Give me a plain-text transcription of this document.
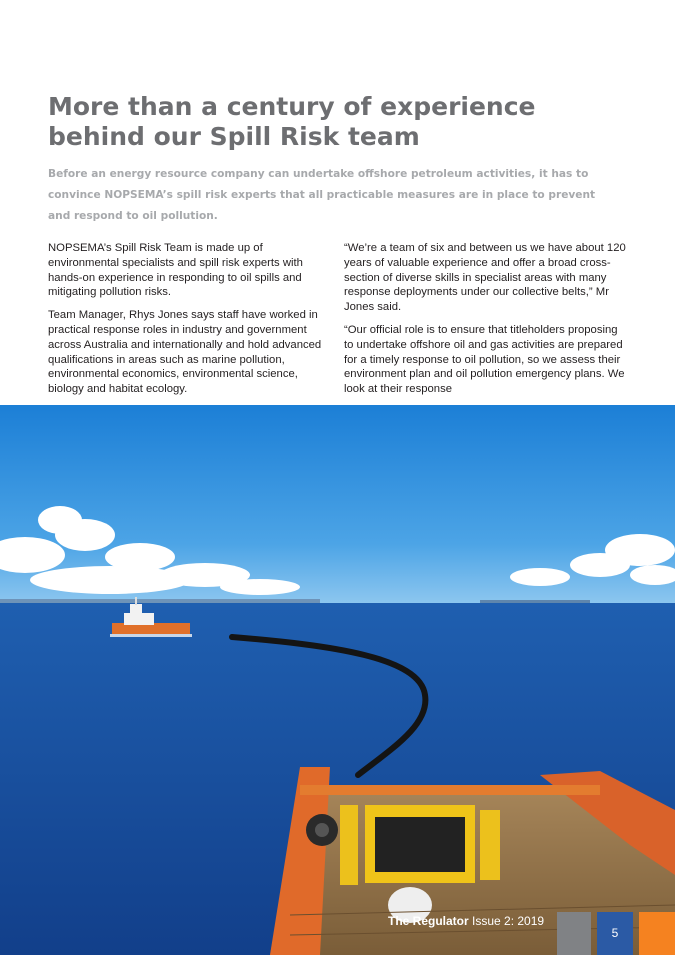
More than a century of experience
behind our Spill Risk team

Before an energy resource company can undertake offshore petroleum activities, it has to convince NOPSEMA’s spill risk experts that all practicable measures are in place to prevent and respond to oil pollution.

NOPSEMA’s Spill Risk Team is made up of environmental specialists and spill risk experts with hands-on experience in responding to oil spills and mitigating pollution risks.

Team Manager, Rhys Jones says staff have worked in practical response roles in industry and government across Australia and internationally and hold advanced qualifications in areas such as marine pollution, environmental economics, environmental science, biology and habitat ecology.

“We’re a team of six and between us we have about 120 years of valuable experience and offer a broad cross-section of diverse skills in specialist areas with many response deployments under our collective belts,” Mr Jones said.

“Our official role is to ensure that titleholders proposing to undertake offshore oil and gas activities are prepared for a timely response to oil pollution, so we assess their environment plan and oil pollution emergency plans. We look at their response

The Regulator Issue 2: 2019
5
